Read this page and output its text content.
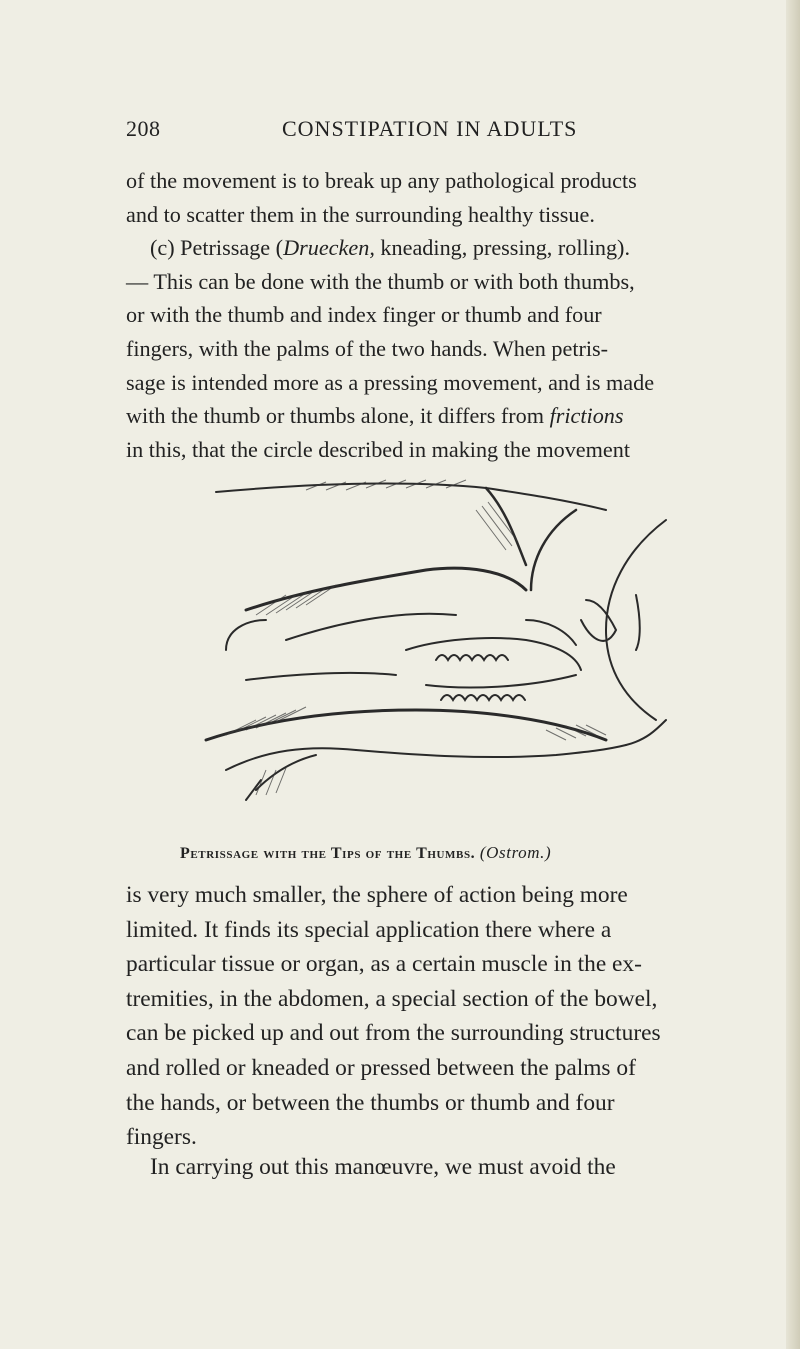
208	CONSTIPATION IN ADULTS
of the movement is to break up any pathological products
and to scatter them in the surrounding healthy tissue.
(c) Petrissage (Druecken, kneading, pressing, rolling).
— This can be done with the thumb or with both thumbs,
or with the thumb and index finger or thumb and four
fingers, with the palms of the two hands. When petris-
sage is intended more as a pressing movement, and is made
with the thumb or thumbs alone, it differs from frictions
in this, that the circle described in making the movement
Petrissage with the Tips of the Thumbs. (Ostrom.)
is very much smaller, the sphere of action being more
limited. It finds its special application there where a
particular tissue or organ, as a certain muscle in the ex-
tremities, in the abdomen, a special section of the bowel,
can be picked up and out from the surrounding structures
and rolled or kneaded or pressed between the palms of
the hands, or between the thumbs or thumb and four
fingers.
In carrying out this manœuvre, we must avoid the
